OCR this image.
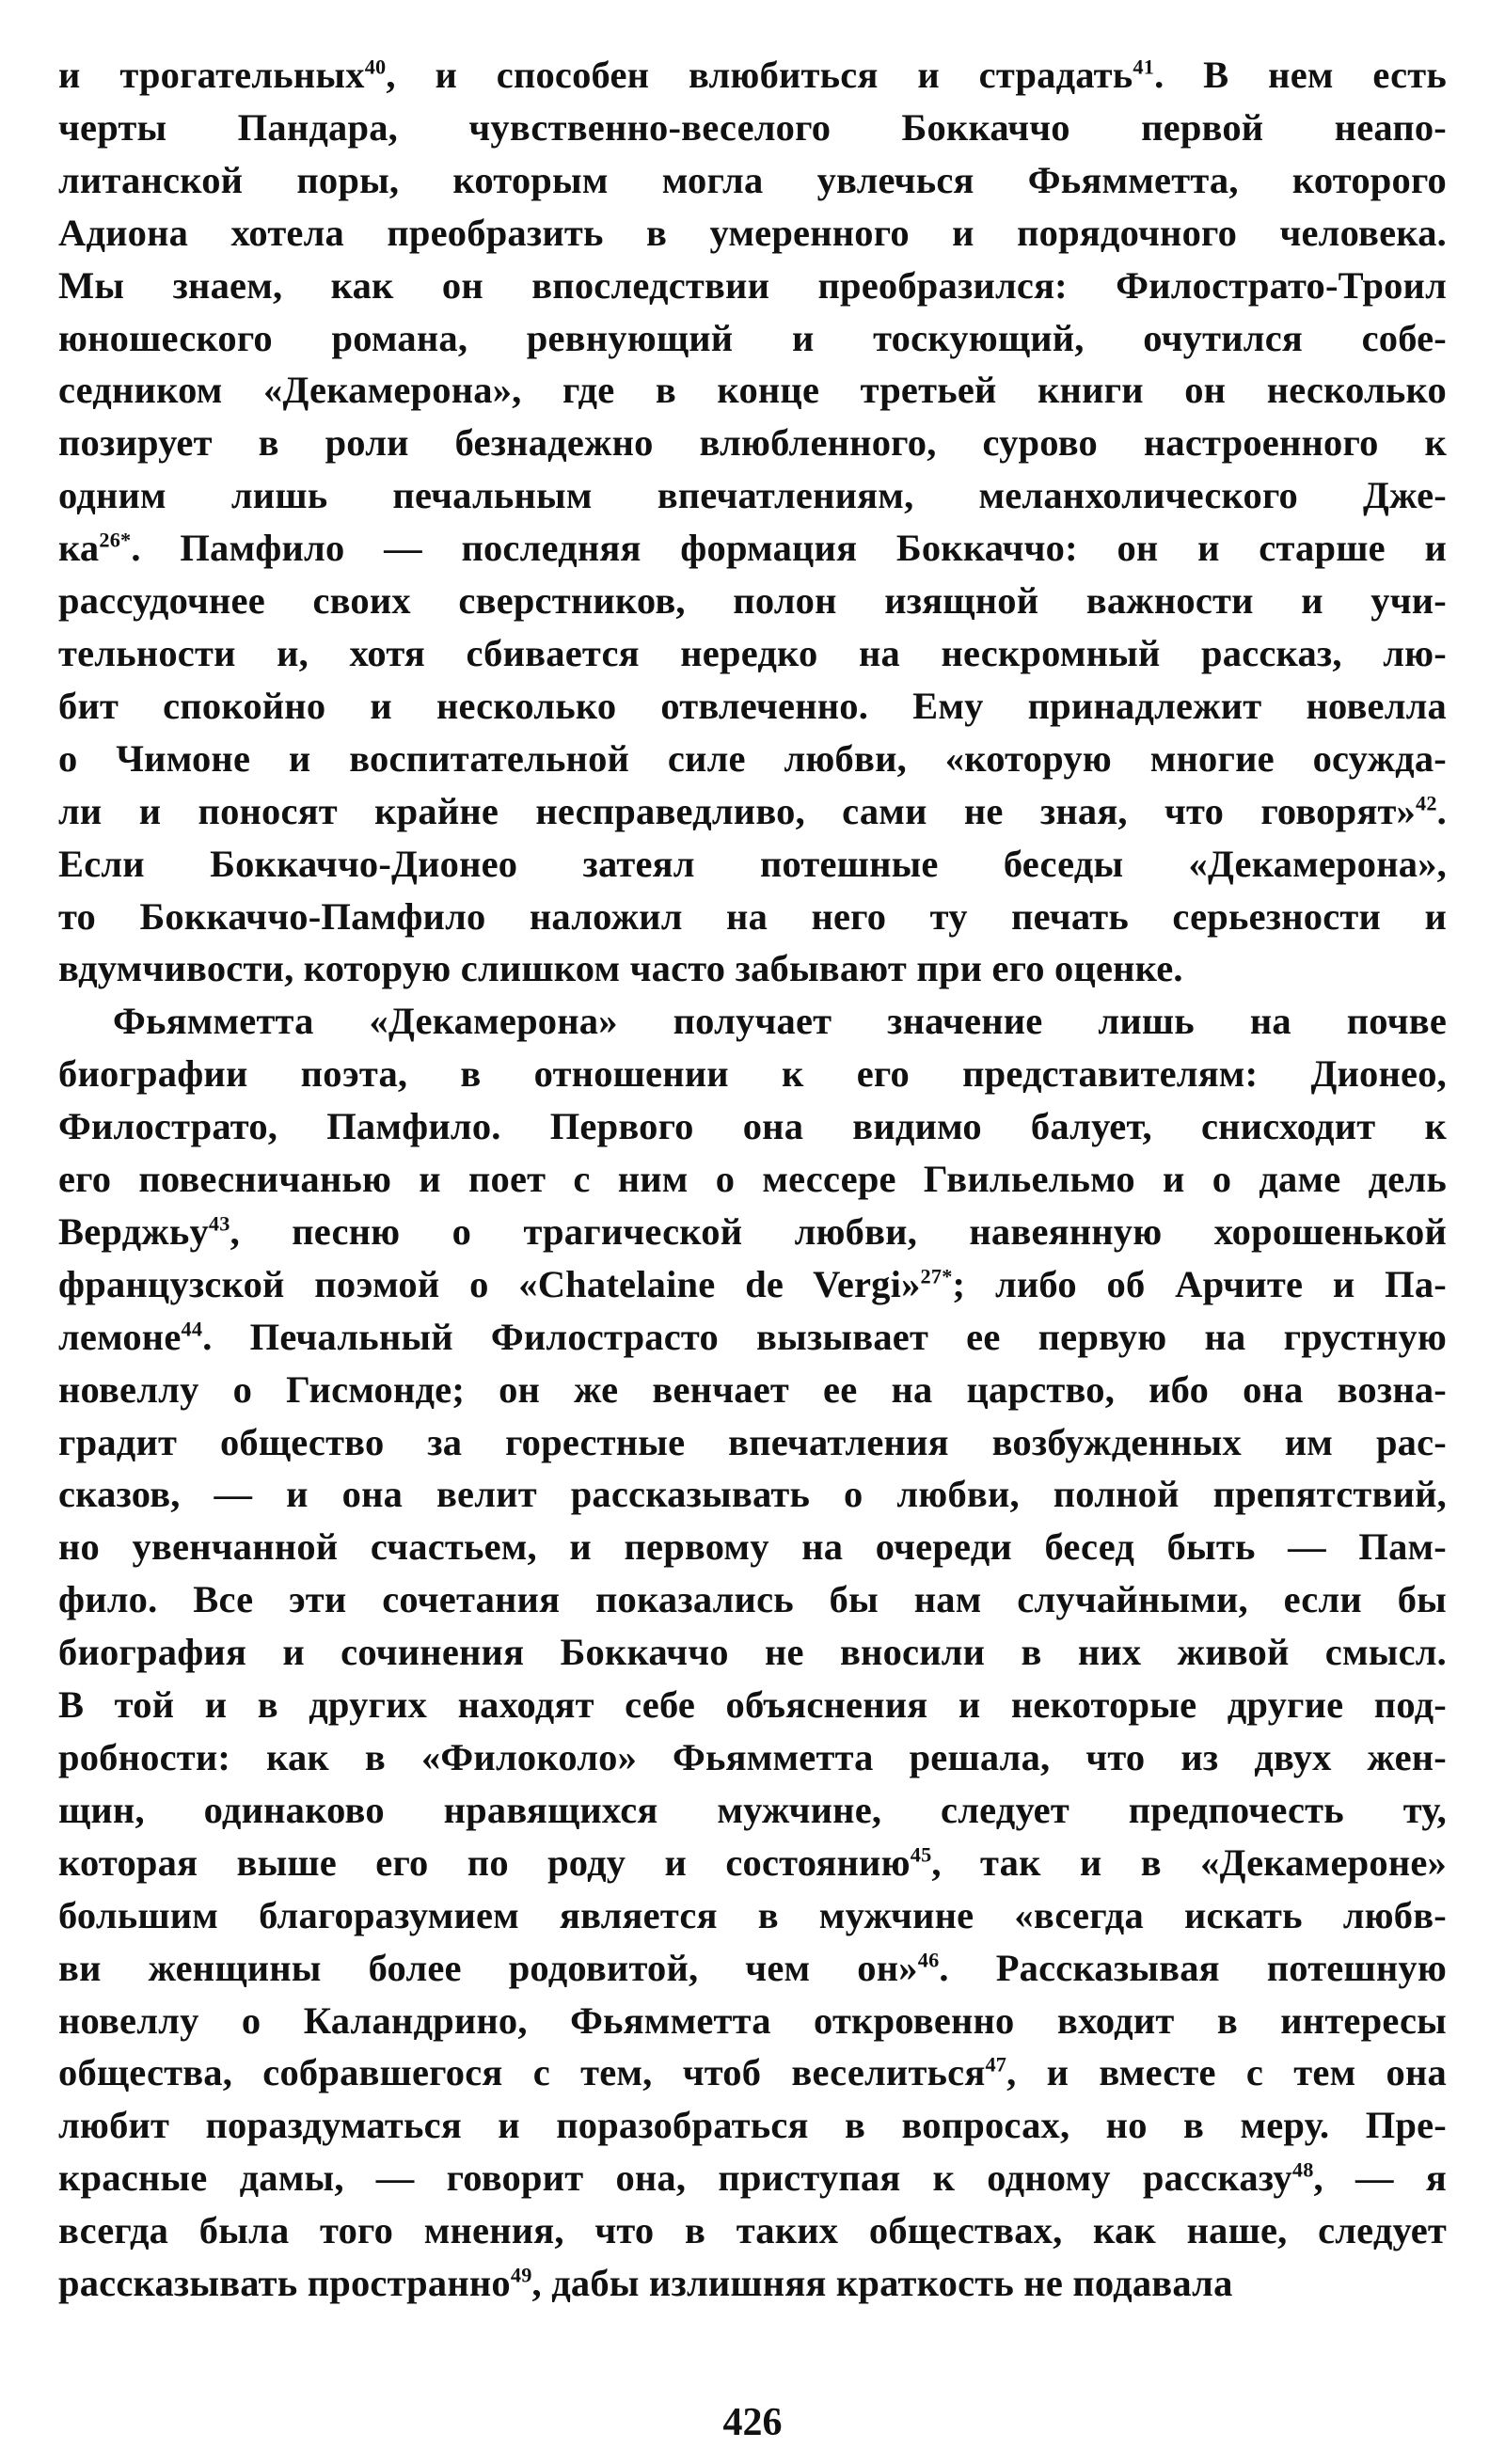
и трогательных$^{40}$, и способен влюбиться и страдать$^{41}$. В нем есть
черты Пандара, чувственно-веселого Боккаччо первой неапо-
литанской поры, которым могла увлечься Фьямметта, которого
Адиона хотела преобразить в умеренного и порядочного человека.
Мы знаем, как он впоследствии преобразился: Филострато-Троил
юношеского романа, ревнующий и тоскующий, очутился собе-
седником «Декамерона», где в конце третьей книги он несколько
позирует в роли безнадежно влюбленного, сурово настроенного к
одним лишь печальным впечатлениям, меланхолического Дже-
$ка^{26*}$. Памфило — последняя формация Боккаччо: он и старше и
рассудочнее своих сверстников, полон изящной важности и учи-
тельности и, хотя сбивается нередко на нескромный рассказ, лю-
бит спокойно и несколько отвлеченно. Ему принадлежит новелла
о Чимоне и воспитательной силе любви, «которую многие осужда-
ли и поносят крайне несправедливо, сами не зная, что говорят»$^{42}$.
Если Боккаччо-Дионео затеял потешные беседы «Декамерона»,
то Боккаччо-Памфило наложил на него ту печать серьезности и
вдумчивости, которую слишком часто забывают при его оценке.
Фьямметта «Декамерона» получает значение лишь на почве
биографии поэта, в отношении к его представителям: Дионео,
Филострато, Памфило. Первого она видимо балует, снисходит к
его повесничанью и поет с ним о мессере Гвильельмо и о даме дель
Верджьу$^{43}$, песню о трагической любви, навеянную хорошенькой
французской поэмой о «Chatelaine de Vergi»$^{27*}$; либо об Арчите и Па-
лемоне$^{44}$. Печальный Филострасто вызывает ее первую на грустную
новеллу о Гисмонде; он же венчает ее на царство, ибо она возна-
градит общество за горестные впечатления возбужденных им рас-
сказов, — и она велит рассказывать о любви, полной препятствий,
но увенчанной счастьем, и первому на очереди бесед быть — Пам-
фило. Все эти сочетания показались бы нам случайными, если бы
биография и сочинения Боккаччо не вносили в них живой смысл.
В той и в других находят себе объяснения и некоторые другие под-
робности: как в «Филоколо» Фьямметта решала, что из двух жен-
щин, одинаково нравящихся мужчине, следует предпочесть ту,
которая выше его по роду и состоянию$^{45}$, так и в «Декамероне»
большим благоразумием является в мужчине «всегда искать любв-
ви женщины более родовитой, чем он»$^{46}$. Рассказывая потешную
новеллу о Каландрино, Фьямметта откровенно входит в интересы
общества, собравшегося с тем, чтоб веселиться$^{47}$, и вместе с тем она
любит пораздуматься и поразобраться в вопросах, но в меру. Пре-
красные дамы, — говорит она, приступая к одному рассказу$^{48}$, — я
всегда была того мнения, что в таких обществах, как наше, следует
рассказывать пространно$^{49}$, дабы излишняя краткость не подавала
426
